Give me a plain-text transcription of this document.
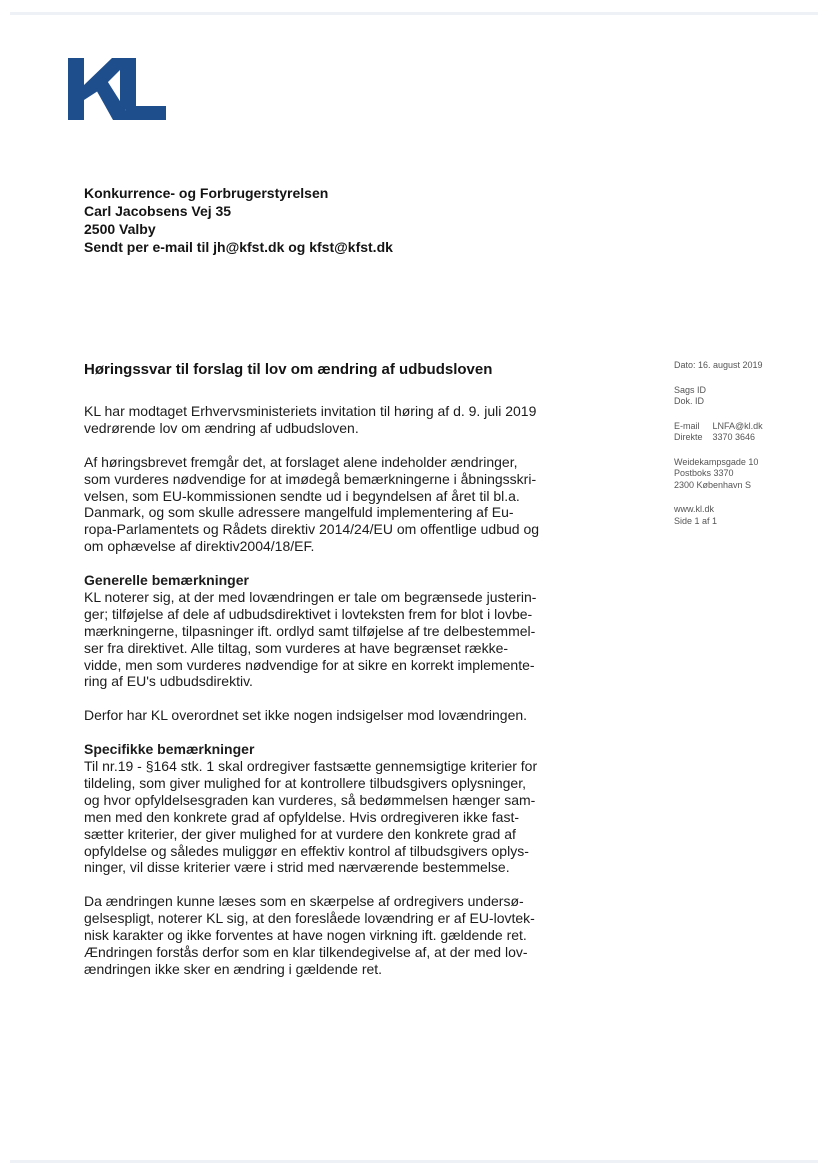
Konkurrence- og Forbrugerstyrelsen
Carl Jacobsens Vej 35
2500 Valby
Sendt per e-mail til jh@kfst.dk og kfst@kfst.dk
Høringssvar til forslag til lov om ændring af udbudsloven

KL har modtaget Erhvervsministeriets invitation til høring af d. 9. juli 2019
vedrørende lov om ændring af udbudsloven.

Af høringsbrevet fremgår det, at forslaget alene indeholder ændringer,
som vurderes nødvendige for at imødegå bemærkningerne i åbningsskri-
velsen, som EU-kommissionen sendte ud i begyndelsen af året til bl.a.
Danmark, og som skulle adressere mangelfuld implementering af Eu-
ropa-Parlamentets og Rådets direktiv 2014/24/EU om offentlige udbud og
om ophævelse af direktiv2004/18/EF.

Generelle bemærkninger

KL noterer sig, at der med lovændringen er tale om begrænsede justerin-
ger; tilføjelse af dele af udbudsdirektivet i lovteksten frem for blot i lovbe-
mærkningerne, tilpasninger ift. ordlyd samt tilføjelse af tre delbestemmel-
ser fra direktivet. Alle tiltag, som vurderes at have begrænset række-
vidde, men som vurderes nødvendige for at sikre en korrekt implemente-
ring af EU's udbudsdirektiv.

Derfor har KL overordnet set ikke nogen indsigelser mod lovændringen.

Specifikke bemærkninger

Til nr.19 - §164 stk. 1 skal ordregiver fastsætte gennemsigtige kriterier for
tildeling, som giver mulighed for at kontrollere tilbudsgivers oplysninger,
og hvor opfyldelsesgraden kan vurderes, så bedømmelsen hænger sam-
men med den konkrete grad af opfyldelse. Hvis ordregiveren ikke fast-
sætter kriterier, der giver mulighed for at vurdere den konkrete grad af
opfyldelse og således muliggør en effektiv kontrol af tilbudsgivers oplys-
ninger, vil disse kriterier være i strid med nærværende bestemmelse.

Da ændringen kunne læses som en skærpelse af ordregivers undersø-
gelsespligt, noterer KL sig, at den foreslåede lovændring er af EU-lovtek-
nisk karakter og ikke forventes at have nogen virkning ift. gældende ret.
Ændringen forstås derfor som en klar tilkendegivelse af, at der med lov-
ændringen ikke sker en ændring i gældende ret.

Dato: 16. august 2019
Sags ID
Dok. ID
E-mail LNFA@kl.dk
Direkte 3370 3646
Weidekampsgade 10
Postboks 3370
2300 København S
www.kl.dk
Side 1 af 1
